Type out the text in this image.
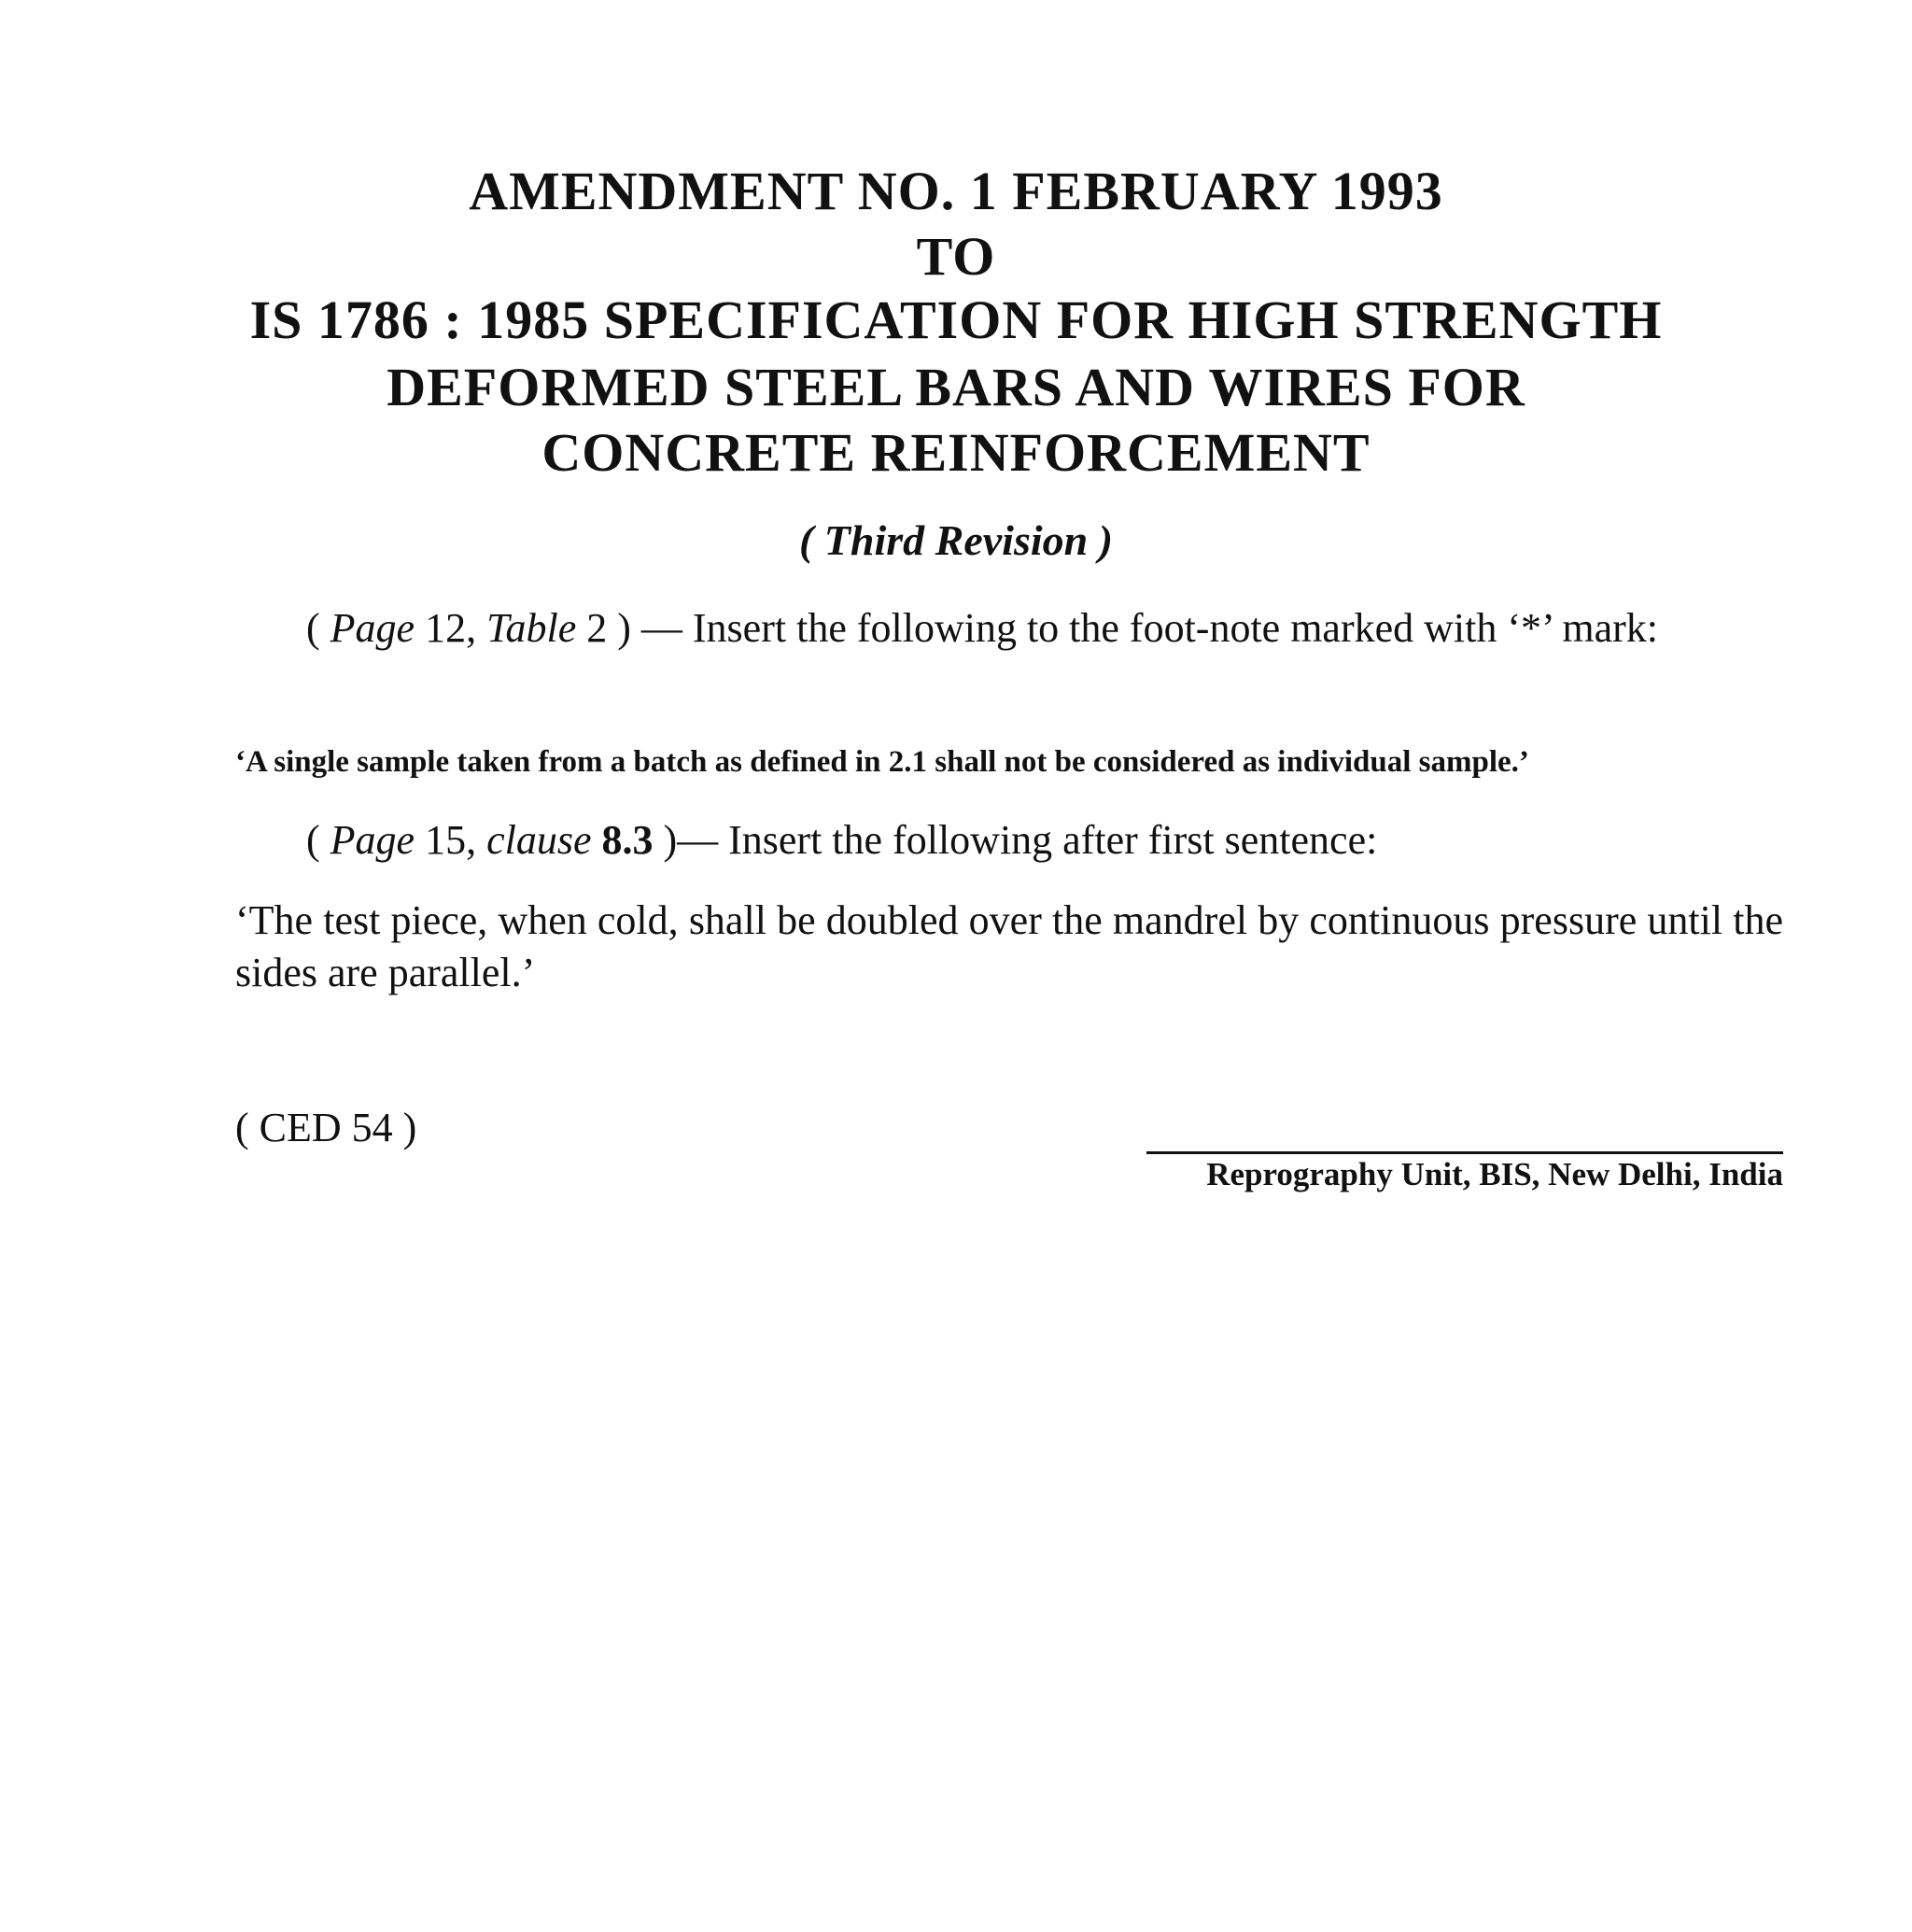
AMENDMENT NO. 1 FEBRUARY 1993
TO
IS 1786 : 1985 SPECIFICATION FOR HIGH STRENGTH
DEFORMED STEEL BARS AND WIRES FOR
CONCRETE REINFORCEMENT

( Third Revision )

( Page 12, Table 2 ) — Insert the following to the foot-note marked with ‘*’ mark:

‘A single sample taken from a batch as defined in 2.1 shall not be considered as individual sample.’

( Page 15, clause 8.3 )— Insert the following after first sentence:

‘The test piece, when cold, shall be doubled over the mandrel by continuous pressure until the sides are parallel.’

( CED 54 )

Reprography Unit, BIS, New Delhi, India
